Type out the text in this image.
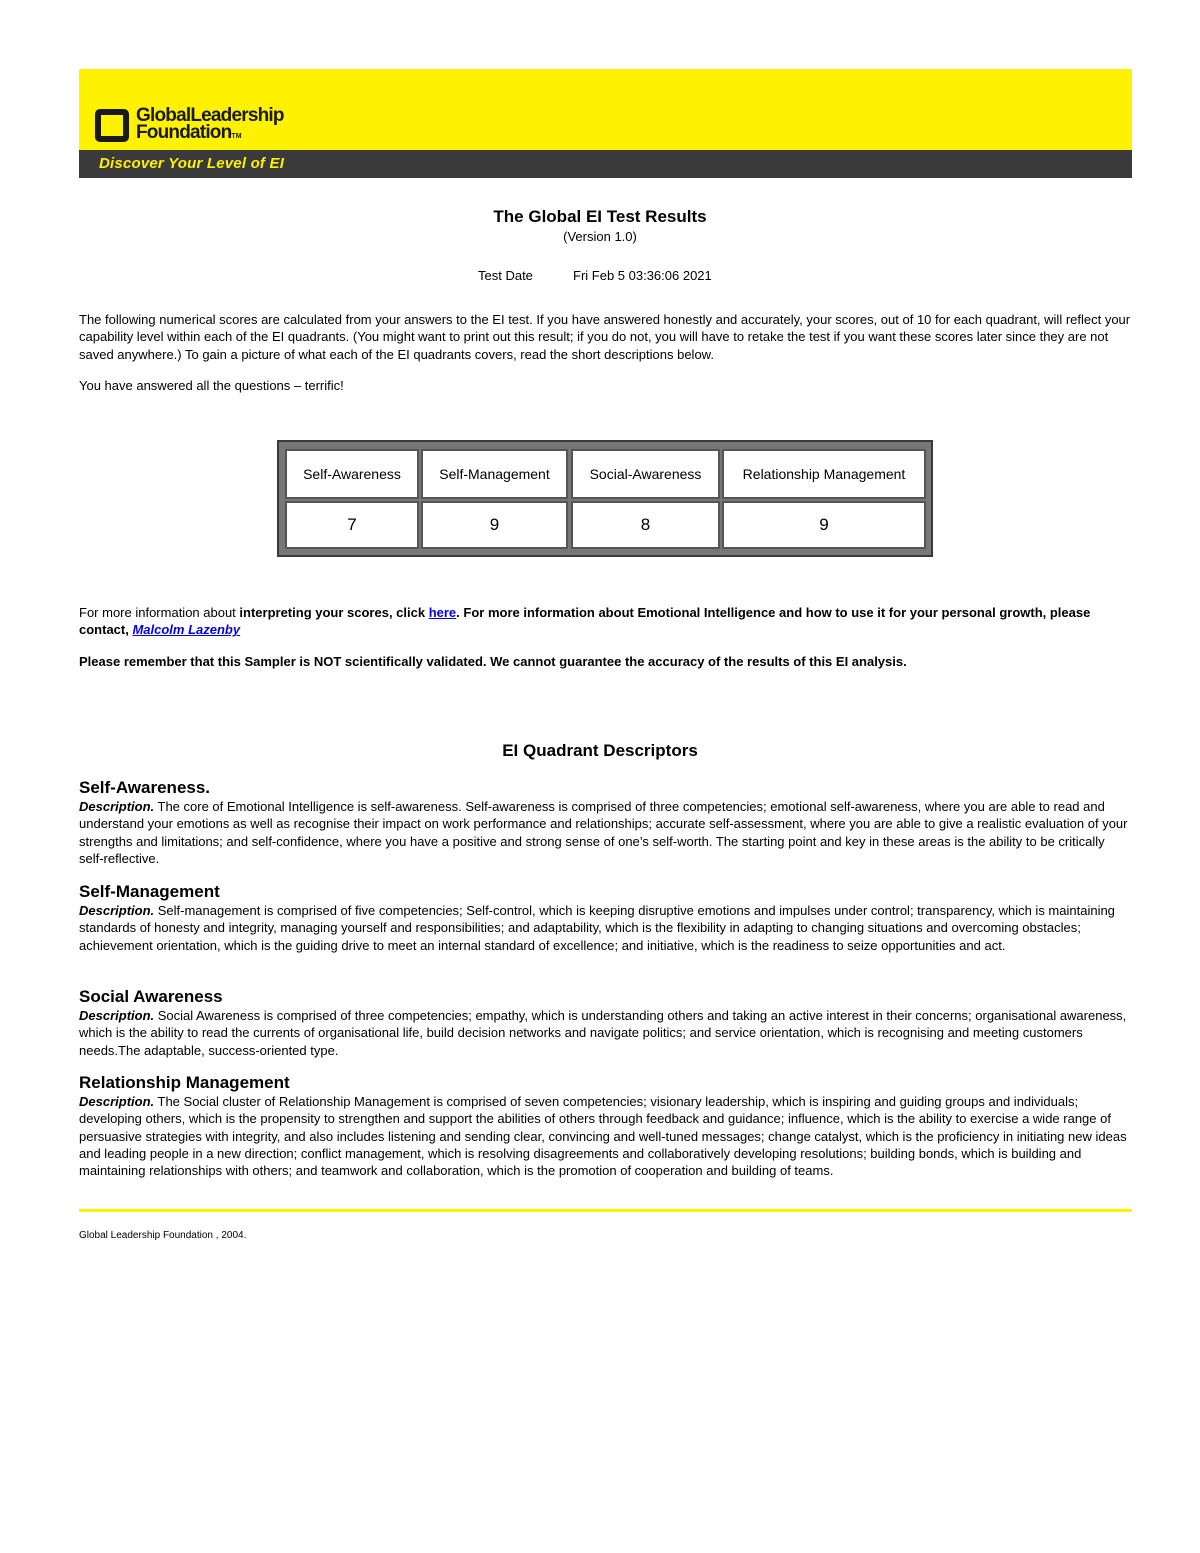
GlobalLeadership
FoundationTM
Discover Your Level of EI
The Global EI Test Results
(Version 1.0)
Test Date	Fri Feb 5 03:36:06 2021
The following numerical scores are calculated from your answers to the EI test. If you have answered honestly and accurately, your scores, out of 10 for each quadrant, will reflect your capability level within each of the EI quadrants. (You might want to print out this result; if you do not, you will have to retake the test if you want these scores later since they are not saved anywhere.) To gain a picture of what each of the EI quadrants covers, read the short descriptions below.
You have answered all the questions – terrific!
Self-Awareness	Self-Management	Social-Awareness	Relationship Management
7	9	8	9
For more information about interpreting your scores, click here. For more information about Emotional Intelligence and how to use it for your personal growth, please contact, Malcolm Lazenby
Please remember that this Sampler is NOT scientifically validated. We cannot guarantee the accuracy of the results of this EI analysis.
EI Quadrant Descriptors
Self-Awareness.
Description. The core of Emotional Intelligence is self-awareness. Self-awareness is comprised of three competencies; emotional self-awareness, where you are able to read and understand your emotions as well as recognise their impact on work performance and relationships; accurate self-assessment, where you are able to give a realistic evaluation of your strengths and limitations; and self-confidence, where you have a positive and strong sense of one’s self-worth. The starting point and key in these areas is the ability to be critically self-reflective.
Self-Management
Description. Self-management is comprised of five competencies; Self-control, which is keeping disruptive emotions and impulses under control; transparency, which is maintaining standards of honesty and integrity, managing yourself and responsibilities; and adaptability, which is the flexibility in adapting to changing situations and overcoming obstacles; achievement orientation, which is the guiding drive to meet an internal standard of excellence; and initiative, which is the readiness to seize opportunities and act.
Social Awareness
Description. Social Awareness is comprised of three competencies; empathy, which is understanding others and taking an active interest in their concerns; organisational awareness, which is the ability to read the currents of organisational life, build decision networks and navigate politics; and service orientation, which is recognising and meeting customers needs.The adaptable, success-oriented type.
Relationship Management
Description. The Social cluster of Relationship Management is comprised of seven competencies; visionary leadership, which is inspiring and guiding groups and individuals; developing others, which is the propensity to strengthen and support the abilities of others through feedback and guidance; influence, which is the ability to exercise a wide range of persuasive strategies with integrity, and also includes listening and sending clear, convincing and well-tuned messages; change catalyst, which is the proficiency in initiating new ideas and leading people in a new direction; conflict management, which is resolving disagreements and collaboratively developing resolutions; building bonds, which is building and maintaining relationships with others; and teamwork and collaboration, which is the promotion of cooperation and building of teams.
Global Leadership Foundation , 2004.
